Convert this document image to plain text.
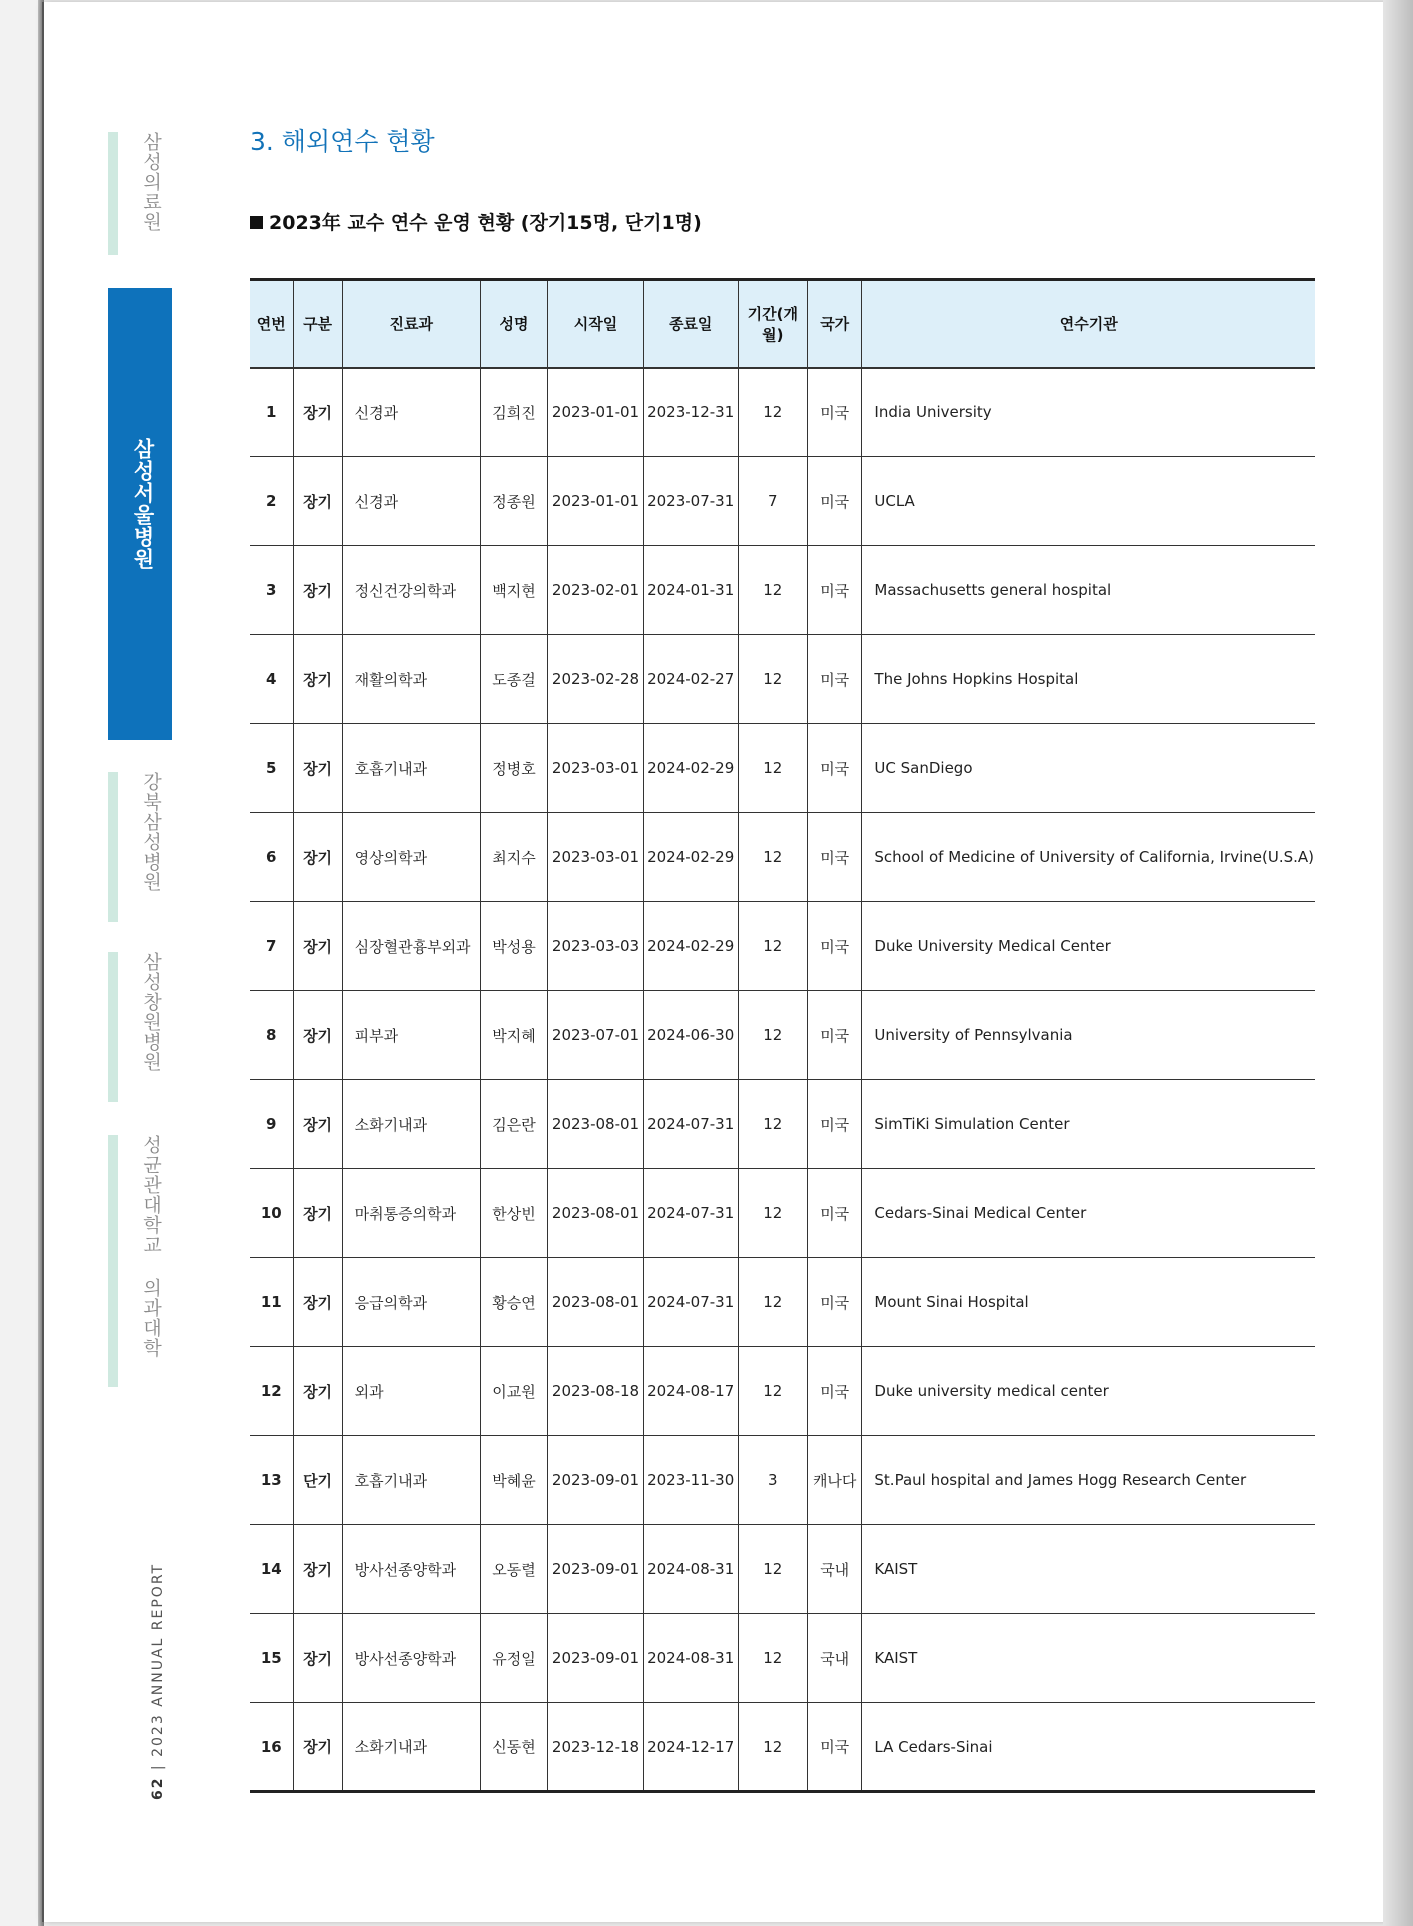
삼성의료원
삼성서울병원
강북삼성병원
삼성창원병원
성균관대학교 의과대학
62 | 2023 ANNUAL REPORT
3. 해외연수 현황
2023年 교수 연수 운영 현황 (장기15명, 단기1명)
연번	구분	진료과	성명	시작일	종료일	기간(개월)	국가	연수기관
1	장기	신경과	김희진	2023-01-01	2023-12-31	12	미국	India University
2	장기	신경과	정종원	2023-01-01	2023-07-31	7	미국	UCLA
3	장기	정신건강의학과	백지현	2023-02-01	2024-01-31	12	미국	Massachusetts general hospital
4	장기	재활의학과	도종걸	2023-02-28	2024-02-27	12	미국	The Johns Hopkins Hospital
5	장기	호흡기내과	정병호	2023-03-01	2024-02-29	12	미국	UC SanDiego
6	장기	영상의학과	최지수	2023-03-01	2024-02-29	12	미국	School of Medicine of University of California, Irvine(U.S.A)
7	장기	심장혈관흉부외과	박성용	2023-03-03	2024-02-29	12	미국	Duke University Medical Center
8	장기	피부과	박지혜	2023-07-01	2024-06-30	12	미국	University of Pennsylvania
9	장기	소화기내과	김은란	2023-08-01	2024-07-31	12	미국	SimTiKi Simulation Center
10	장기	마취통증의학과	한상빈	2023-08-01	2024-07-31	12	미국	Cedars-Sinai Medical Center
11	장기	응급의학과	황승연	2023-08-01	2024-07-31	12	미국	Mount Sinai Hospital
12	장기	외과	이교원	2023-08-18	2024-08-17	12	미국	Duke university medical center
13	단기	호흡기내과	박혜윤	2023-09-01	2023-11-30	3	캐나다	St.Paul hospital and James Hogg Research Center
14	장기	방사선종양학과	오동렬	2023-09-01	2024-08-31	12	국내	KAIST
15	장기	방사선종양학과	유정일	2023-09-01	2024-08-31	12	국내	KAIST
16	장기	소화기내과	신동현	2023-12-18	2024-12-17	12	미국	LA Cedars-Sinai
